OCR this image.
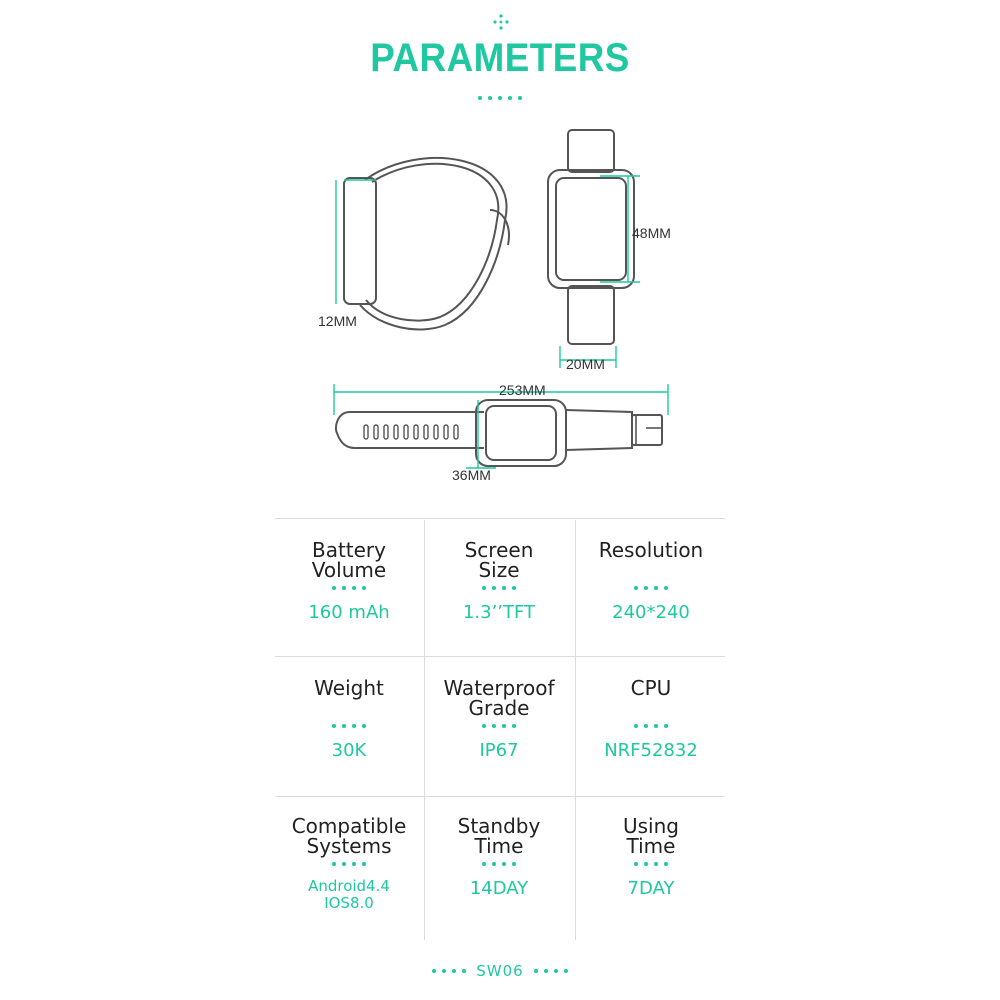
PARAMETERS
12MM
48MM
20MM
253MM
36MM
Battery
Volume
160 mAh
Screen
Size
1.3’’TFT
Resolution
240*240
Weight
30K
Waterproof
Grade
IP67
CPU
NRF52832
Compatible
Systems
Android4.4
IOS8.0
Standby
Time
14DAY
Using
Time
7DAY
SW06
